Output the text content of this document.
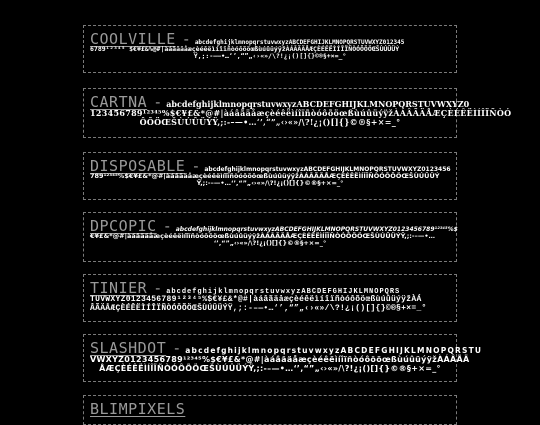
COOLVILLE - abcdefghijklmnopqrstuvwxyzABCDEFGHIJKLMNOPQRSTUVWXYZ012345
6789¹²³⁴⁵ $€¥£&%@#|àáâãäåæçèéêëìíîïñòóôõöœßùúûüýÿžÀÁÂÃÄÅÆÇÈÉÊËÌÍÎÏÑÒÓÔÕÖŒŠÙÚÛÜÝ
Ÿ,;:-–—•…‘’‚“”„‹›«»/\?!¿¡()[]{}©®§+×=_°
CARTNA - abcdefghijklmnopqrstuvwxyzABCDEFGHIJKLMNOPQRSTUVWXYZ0
123456789¹²³⁴⁵%$€¥£&*@#|àáâãäåæçèéêëìíîïñòóôõöœßùúûüýÿžÀÁÂÃÄÅÆÇÈÉÊËÌÍÎÏÑÒÓ
ÔÕÖŒŠÙÚÛÜÝŸ,;:-–—•…‘’‚“”„‹›«»/\?!¿¡()[]{}©®§+×=_°
DISPOSABLE - abcdefghijklmnopqrstuvwxyzABCDEFGHIJKLMNOPQRSTUVWXYZ0123456
789¹²³⁴⁵%$€¥£&*@#|àáâãäåæçèéêëìíîïñòóôõöœßùúûüýÿžÀÁÂÃÄÅÆÇÈÉÊËÌÍÎÏÑÒÓÔÕÖŒŠÙÚÛÜÝ
Ÿ,;:-–—•…‘’‚“”„‹›«»/\?!¿¡()[]{}©®§+×=_°
DPCOPIC - abcdefghijklmnopqrstuvwxyzABCDEFGHIJKLMNOPQRSTUVWXYZ0123456789¹²³⁴⁵%$
€¥£&*@#|àáâãäåæçèéêëìíîïñòóôõöœßùúûüýÿžÀÁÂÃÄÅÆÇÈÉÊËÌÍÎÏÑÒÓÔÕÖŒŠÙÚÛÜÝŸ,;:-–—•…
‘’‚“”„‹›«»/\?!¿¡()[]{}©®§+×=_°
TINIER - abcdefghijklmnopqrstuvwxyzABCDEFGHIJKLMNOPQRS
TUVWXYZ0123456789¹²³⁴⁵%$€¥£&*@#|àáâãäåæçèéêëìíîïñòóôõöœßùúûüýÿžÀÁ
ÂÃÄÅÆÇÈÉÊËÌÍÎÏÑÒÓÔÕÖŒŠÙÚÛÜÝŸ,;:-–—•…‘’‚“”„‹›«»/\?!¿¡()[]{}©®§+×=_°
SLASHDOT - abcdefghijklmnopqrstuvwxyzABCDEFGHIJKLMNOPQRSTU
VWXYZ0123456789¹²³⁴⁵%$€¥£&*@#|àáâãäåæçèéêëìíîïñòóôõöœßùúûüýÿžÀÁÂÃÄ
ÅÆÇÈÉÊËÌÍÎÏÑÒÓÔÕÖŒŠÙÚÛÜÝŸ,;:-–—•…‘’‚“”„‹›«»/\?!¿¡()[]{}©®§+×=_°
BLIMPIXELS
